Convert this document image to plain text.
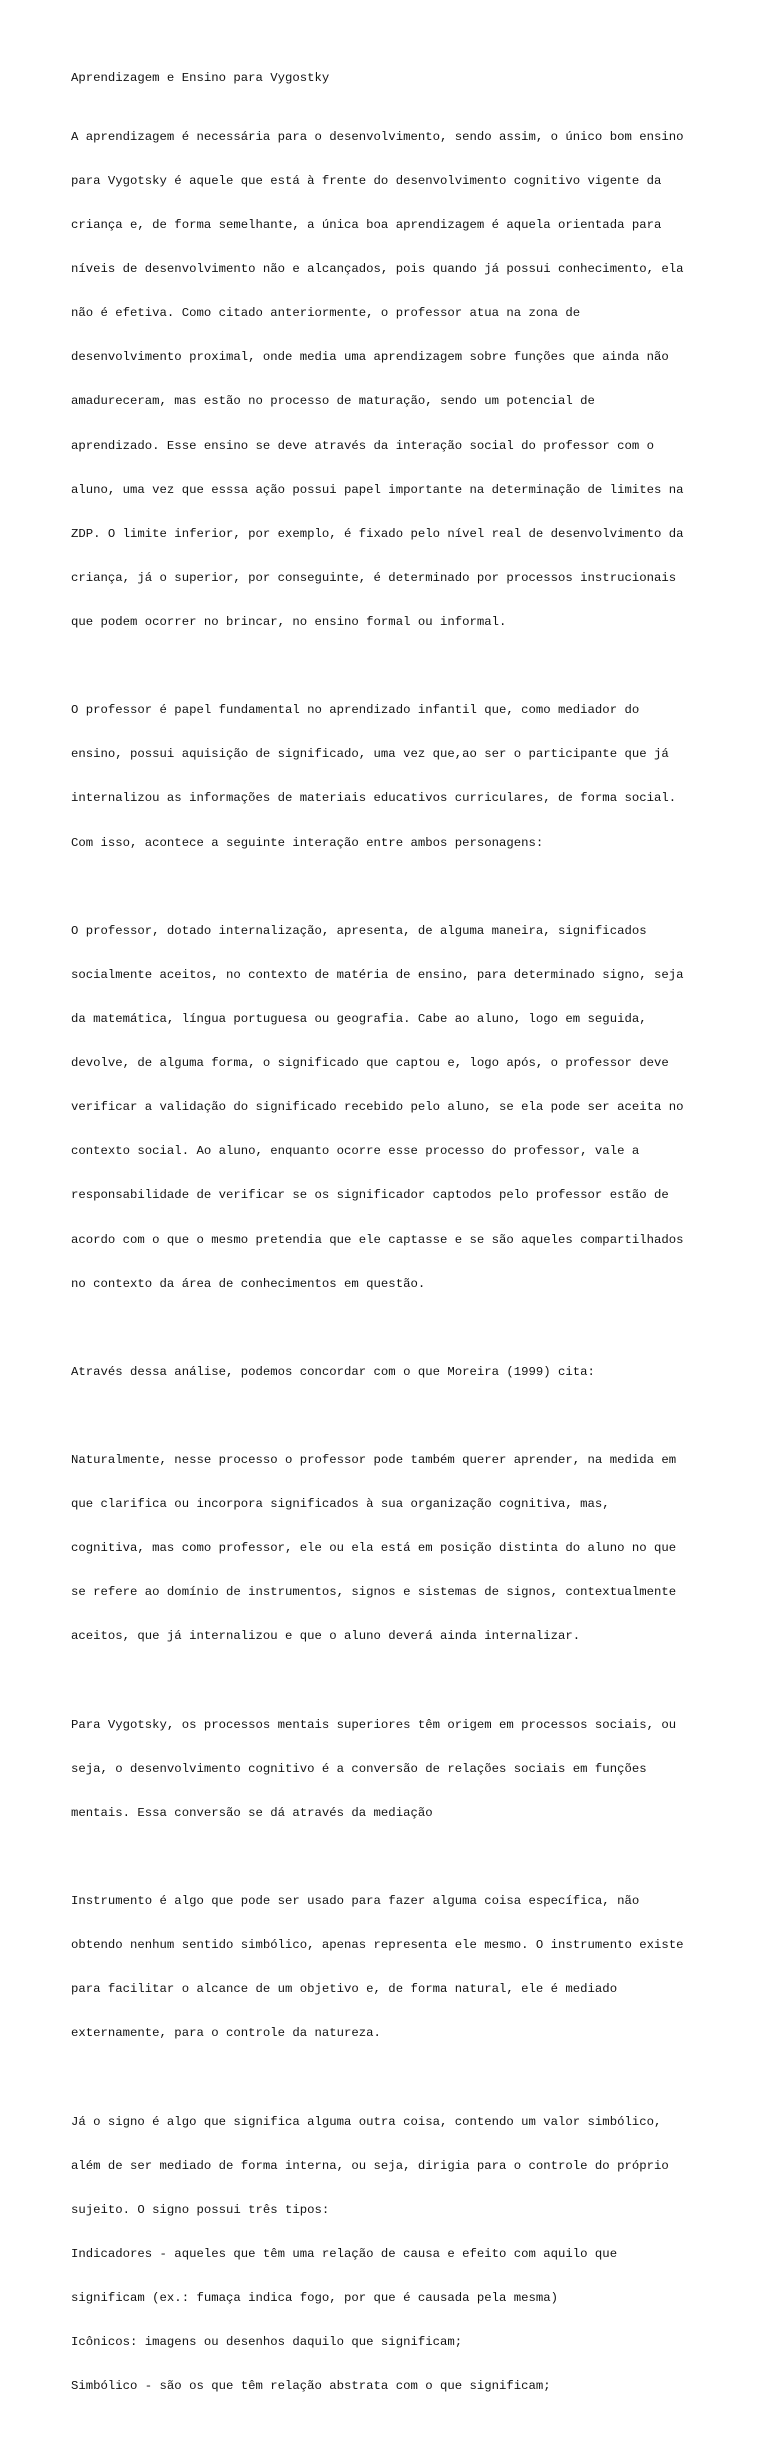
Aprendizagem e Ensino para Vygostky

A aprendizagem é necessária para o desenvolvimento, sendo assim, o único bom ensino

para Vygotsky é aquele que está à frente do desenvolvimento cognitivo vigente da

criança e, de forma semelhante, a única boa aprendizagem é aquela orientada para

níveis de desenvolvimento não e alcançados, pois quando já possui conhecimento, ela

não é efetiva. Como citado anteriormente, o professor atua na zona de

desenvolvimento proximal, onde media uma aprendizagem sobre funções que ainda não

amadureceram, mas estão no processo de maturação, sendo um potencial de

aprendizado. Esse ensino se deve através da interação social do professor com o

aluno, uma vez que esssa ação possui papel importante na determinação de limites na

ZDP. O limite inferior, por exemplo, é fixado pelo nível real de desenvolvimento da

criança, já o superior, por conseguinte, é determinado por processos instrucionais

que podem ocorrer no brincar, no ensino formal ou informal.

O professor é papel fundamental no aprendizado infantil que, como mediador do

ensino, possui aquisição de significado, uma vez que,ao ser o participante que já

internalizou as informações de materiais educativos curriculares, de forma social.

Com isso, acontece a seguinte interação entre ambos personagens:

O professor, dotado internalização, apresenta, de alguma maneira, significados

socialmente aceitos, no contexto de matéria de ensino, para determinado signo, seja

da matemática, língua portuguesa ou geografia. Cabe ao aluno, logo em seguida,

devolve, de alguma forma, o significado que captou e, logo após, o professor deve

verificar a validação do significado recebido pelo aluno, se ela pode ser aceita no

contexto social. Ao aluno, enquanto ocorre esse processo do professor, vale a

responsabilidade de verificar se os significador captodos pelo professor estão de

acordo com o que o mesmo pretendia que ele captasse e se são aqueles compartilhados

no contexto da área de conhecimentos em questão.

Através dessa análise, podemos concordar com o que Moreira (1999) cita:

Naturalmente, nesse processo o professor pode também querer aprender, na medida em

que clarifica ou incorpora significados à sua organização cognitiva, mas,

cognitiva, mas como professor, ele ou ela está em posição distinta do aluno no que

se refere ao domínio de instrumentos, signos e sistemas de signos, contextualmente

aceitos, que já internalizou e que o aluno deverá ainda internalizar.

Para Vygotsky, os processos mentais superiores têm origem em processos sociais, ou

seja, o desenvolvimento cognitivo é a conversão de relações sociais em funções

mentais. Essa conversão se dá através da mediação

Instrumento é algo que pode ser usado para fazer alguma coisa específica, não

obtendo nenhum sentido simbólico, apenas representa ele mesmo. O instrumento existe

para facilitar o alcance de um objetivo e, de forma natural, ele é mediado

externamente, para o controle da natureza.

Já o signo é algo que significa alguma outra coisa, contendo um valor simbólico,

além de ser mediado de forma interna, ou seja, dirigia para o controle do próprio

sujeito. O signo possui três tipos:

Indicadores - aqueles que têm uma relação de causa e efeito com aquilo que

significam (ex.: fumaça indica fogo, por que é causada pela mesma)

Icônicos: imagens ou desenhos daquilo que significam;

Simbólico - são os que têm relação abstrata com o que significam;
